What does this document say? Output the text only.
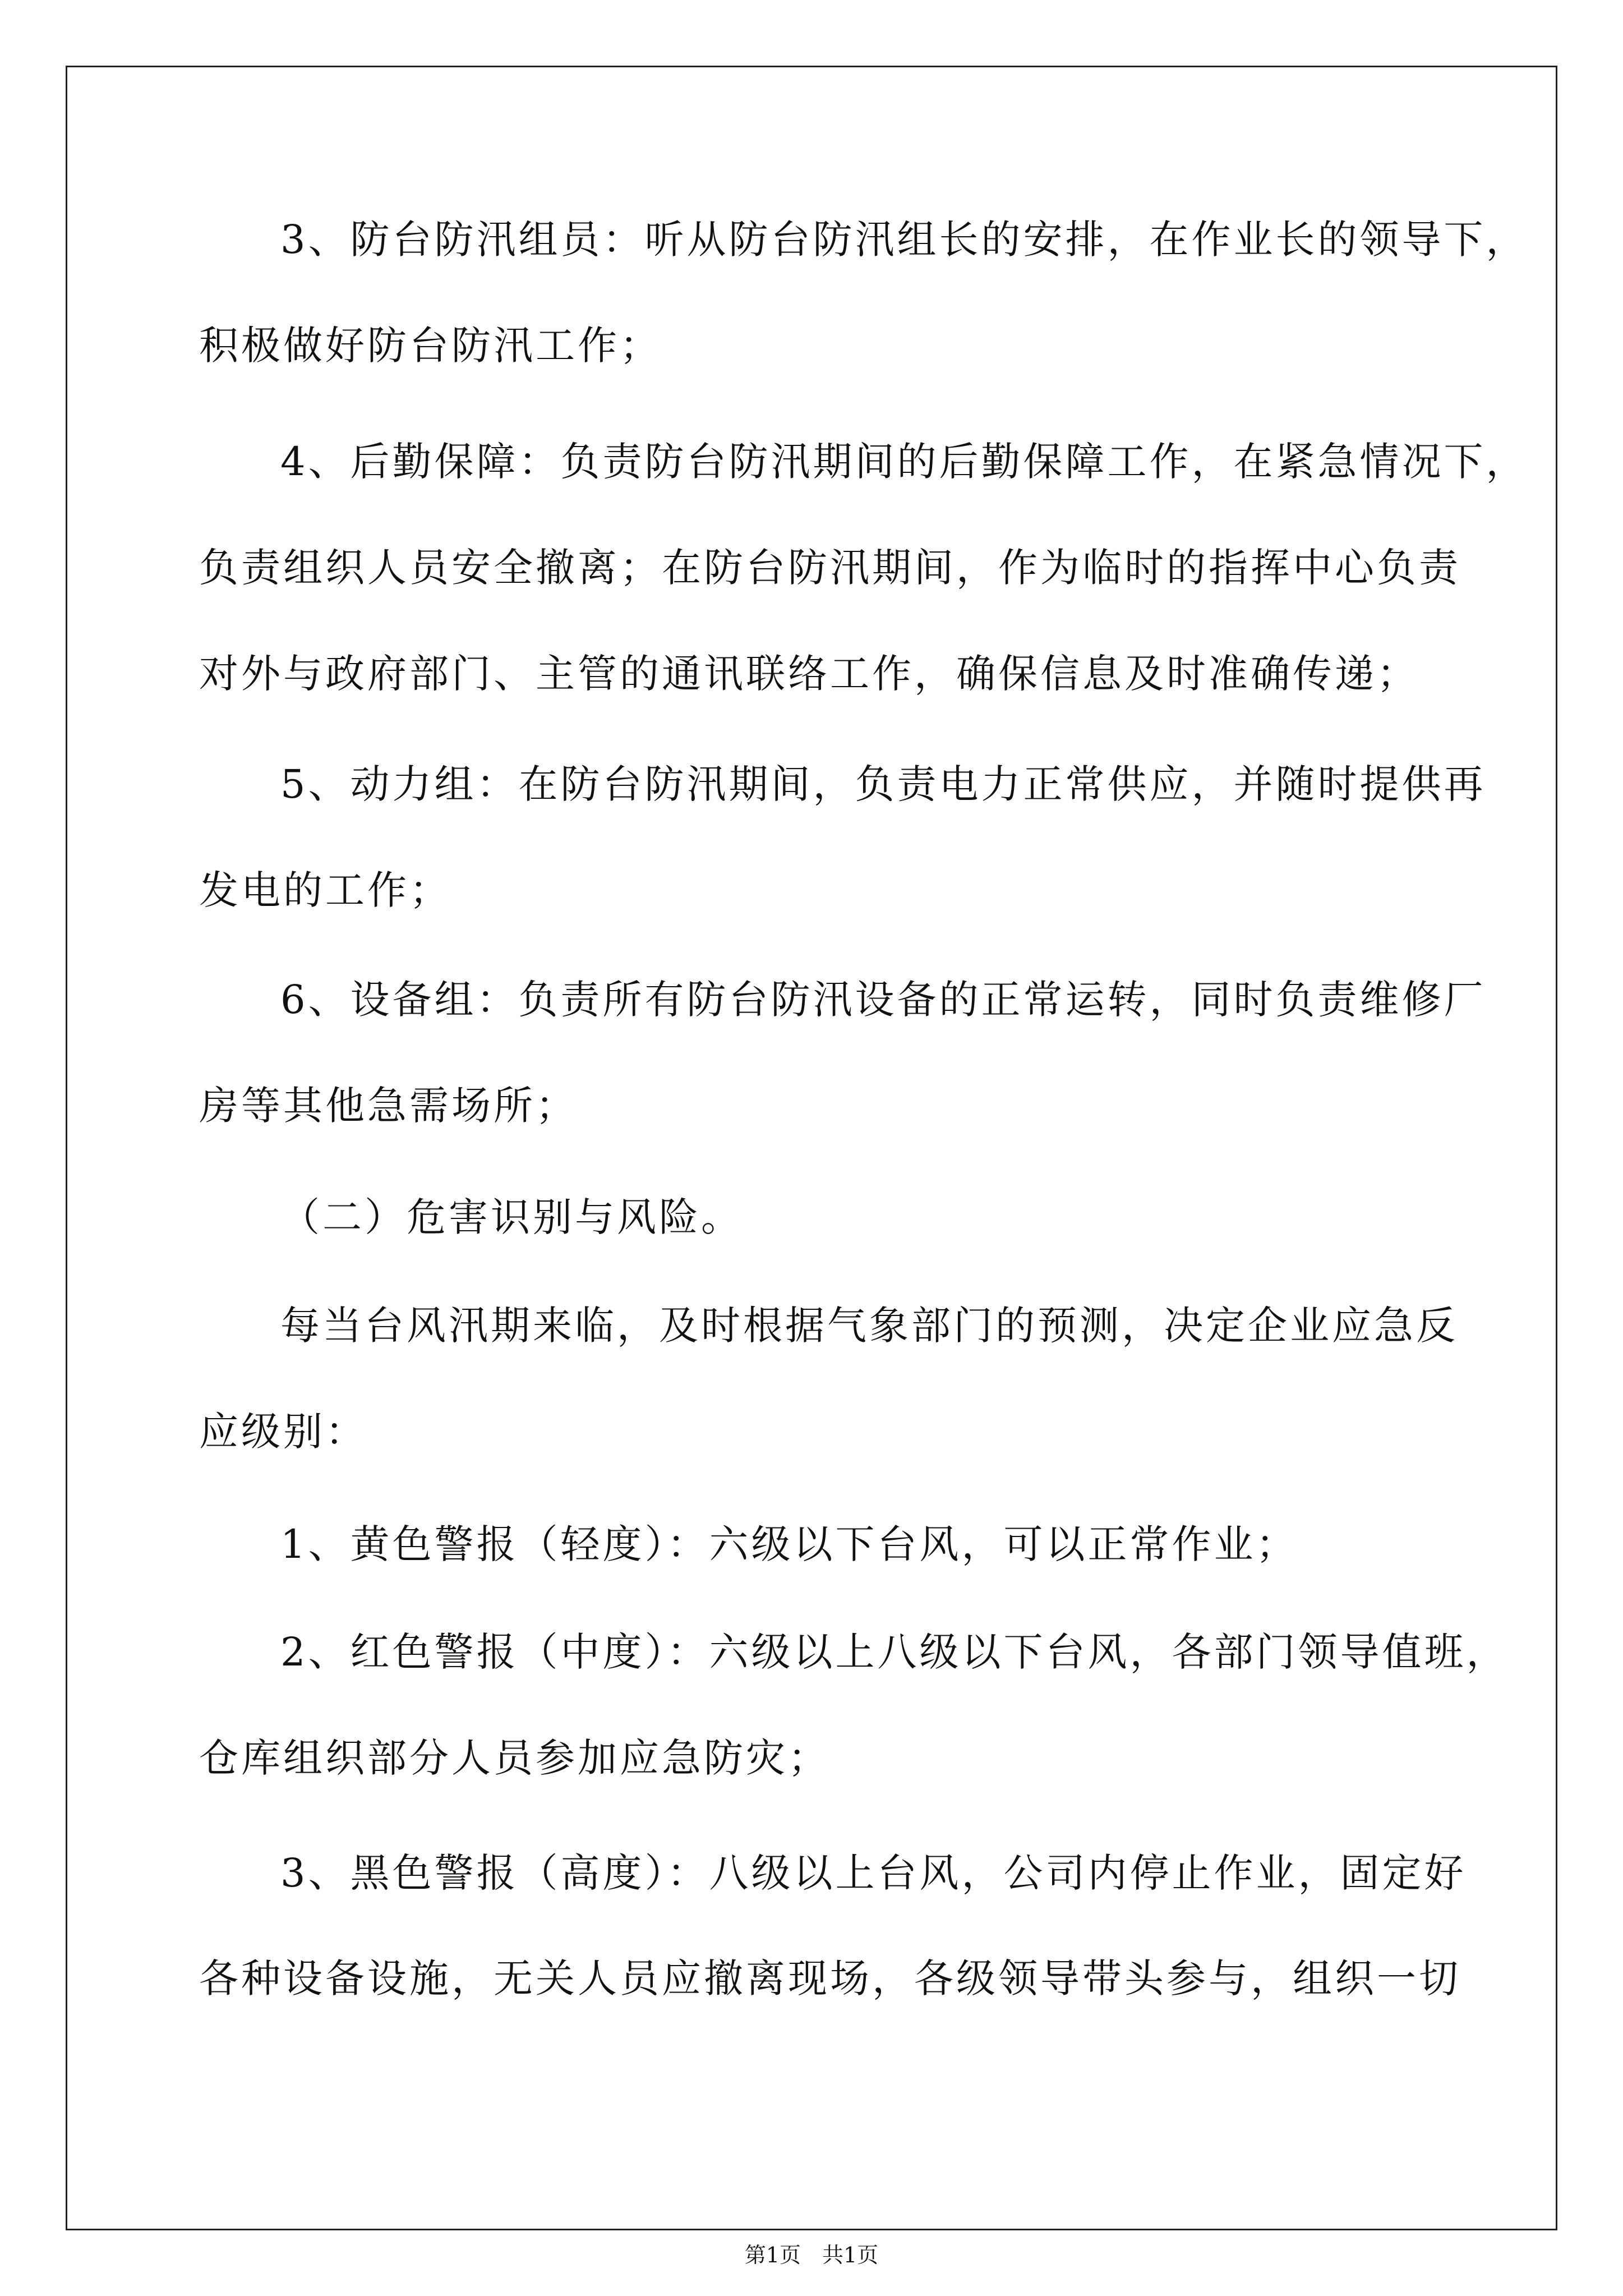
3、防台防汛组员：听从防台防汛组长的安排，在作业长的领导下，
积极做好防台防汛工作；
4、后勤保障：负责防台防汛期间的后勤保障工作，在紧急情况下，
负责组织人员安全撤离；在防台防汛期间，作为临时的指挥中心负责
对外与政府部门、主管的通讯联络工作，确保信息及时准确传递；
5、动力组：在防台防汛期间，负责电力正常供应，并随时提供再
发电的工作；
6、设备组：负责所有防台防汛设备的正常运转，同时负责维修厂
房等其他急需场所；
（二）危害识别与风险。
每当台风汛期来临，及时根据气象部门的预测，决定企业应急反
应级别：
1、黄色警报（轻度）：六级以下台风，可以正常作业；
2、红色警报（中度）：六级以上八级以下台风，各部门领导值班，
仓库组织部分人员参加应急防灾；
3、黑色警报（高度）：八级以上台风，公司内停止作业，固定好
各种设备设施，无关人员应撤离现场，各级领导带头参与，组织一切
第1页　共1页
